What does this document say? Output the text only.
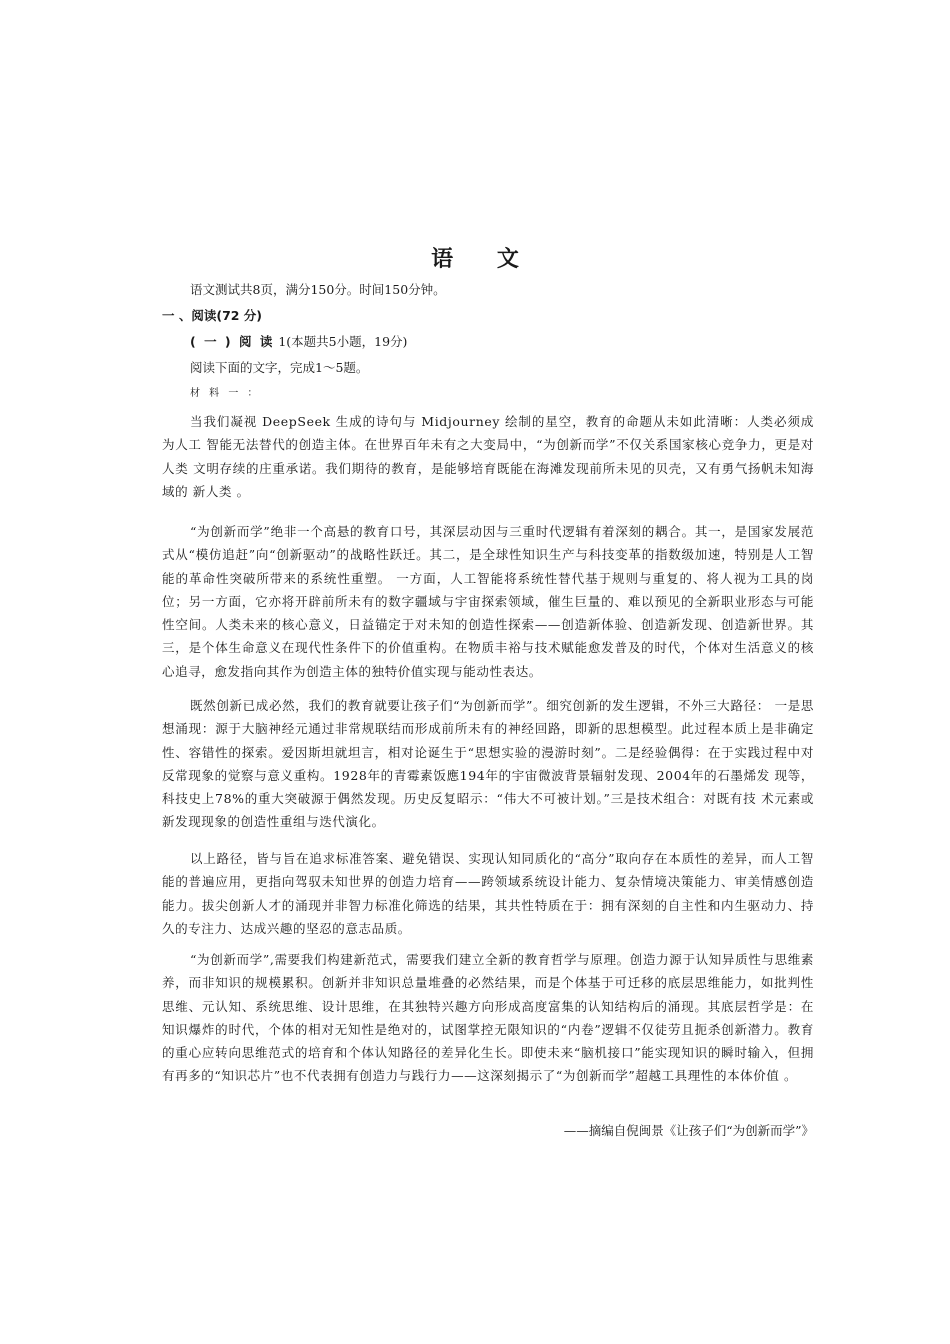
语 文
语文测试共8页，满分150分。时间150分钟。
一 、阅读(72 分)
( 一 ) 阅 读 1(本题共5小题，19分)
阅读下面的文字，完成1～5题。
材 料 一 ：

当我们凝视 DeepSeek 生成的诗句与 Midjourney 绘制的星空，教育的命题从未如此清晰：人类必须成为人工 智能无法替代的创造主体。在世界百年未有之大变局中，“为创新而学”不仅关系国家核心竞争力，更是对人类 文明存续的庄重承诺。我们期待的教育，是能够培育既能在海滩发现前所未见的贝壳，又有勇气扬帆未知海域的 新人类 。

“为创新而学”绝非一个高悬的教育口号，其深层动因与三重时代逻辑有着深刻的耦合。其一，是国家发展范式从“模仿追赶”向“创新驱动”的战略性跃迁。其二，是全球性知识生产与科技变革的指数级加速，特别是人工智能的革命性突破所带来的系统性重塑。 一方面，人工智能将系统性替代基于规则与重复的、将人视为工具的岗位；另一方面，它亦将开辟前所未有的数字疆域与宇宙探索领域，催生巨量的、难以预见的全新职业形态与可能性空间。人类未来的核心意义，日益锚定于对未知的创造性探索——创造新体验、创造新发现、创造新世界。其三，是个体生命意义在现代性条件下的价值重构。在物质丰裕与技术赋能愈发普及的时代，个体对生活意义的核心追寻，愈发指向其作为创造主体的独特价值实现与能动性表达。

既然创新已成必然，我们的教育就要让孩子们“为创新而学”。细究创新的发生逻辑，不外三大路径： 一是思想涌现：源于大脑神经元通过非常规联结而形成前所未有的神经回路，即新的思想模型。此过程本质上是非确定性、容错性的探索。爱因斯坦就坦言，相对论诞生于“思想实验的漫游时刻”。二是经验偶得：在于实践过程中对反常现象的觉察与意义重构。1928年的青霉素饭應194年的宇宙微波背景辐射发现、2004年的石墨烯发 现等，科技史上78%的重大突破源于偶然发现。历史反复昭示：“伟大不可被计划。”三是技术组合：对既有技 术元素或新发现现象的创造性重组与迭代演化。

以上路径，皆与旨在追求标准答案、避免错误、实现认知同质化的“高分”取向存在本质性的差异，而人工智能的普遍应用，更指向驾驭未知世界的创造力培育——跨领域系统设计能力、复杂情境决策能力、审美情感创造能力。拔尖创新人才的涌现并非智力标准化筛选的结果，其共性特质在于：拥有深刻的自主性和内生驱动力、持久的专注力、达成兴趣的坚忍的意志品质。

“为创新而学”,需要我们构建新范式，需要我们建立全新的教育哲学与原理。创造力源于认知异质性与思维素养，而非知识的规模累积。创新并非知识总量堆叠的必然结果，而是个体基于可迁移的底层思维能力，如批判性思维、元认知、系统思维、设计思维，在其独特兴趣方向形成高度富集的认知结构后的涌现。其底层哲学是：在知识爆炸的时代，个体的相对无知性是绝对的，试图掌控无限知识的“内卷”逻辑不仅徒劳且扼杀创新潜力。教育的重心应转向思维范式的培育和个体认知路径的差异化生长。即使未来“脑机接口”能实现知识的瞬时输入，但拥有再多的“知识芯片”也不代表拥有创造力与践行力——这深刻揭示了“为创新而学”超越工具理性的本体价值 。

——摘编自倪闽景《让孩子们“为创新而学”》
